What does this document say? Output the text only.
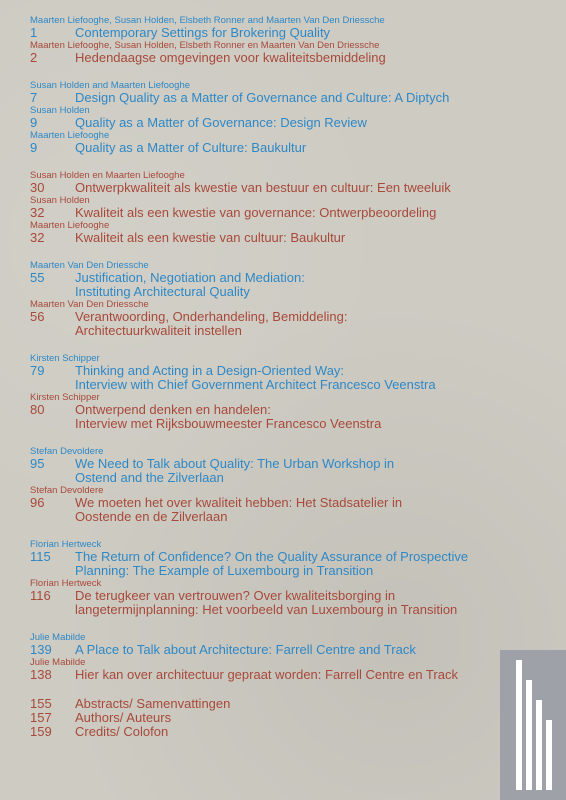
Maarten Liefooghe, Susan Holden, Elsbeth Ronner and Maarten Van Den Driessche
1	Contemporary Settings for Brokering Quality
Maarten Liefooghe, Susan Holden, Elsbeth Ronner en Maarten Van Den Driessche
2	Hedendaagse omgevingen voor kwaliteitsbemiddeling
Susan Holden and Maarten Liefooghe
7	Design Quality as a Matter of Governance and Culture: A Diptych
Susan Holden
9	Quality as a Matter of Governance: Design Review
Maarten Liefooghe
9	Quality as a Matter of Culture: Baukultur
Susan Holden en Maarten Liefooghe
30	Ontwerpkwaliteit als kwestie van bestuur en cultuur: Een tweeluik
Susan Holden
32	Kwaliteit als een kwestie van governance: Ontwerpbeoordeling
Maarten Liefooghe
32	Kwaliteit als een kwestie van cultuur: Baukultur
Maarten Van Den Driessche
55	Justification, Negotiation and Mediation:
Instituting Architectural Quality
Maarten Van Den Driessche
56	Verantwoording, Onderhandeling, Bemiddeling:
Architectuurkwaliteit instellen
Kirsten Schipper
79	Thinking and Acting in a Design-Oriented Way:
Interview with Chief Government Architect Francesco Veenstra
Kirsten Schipper
80	Ontwerpend denken en handelen:
Interview met Rijksbouwmeester Francesco Veenstra
Stefan Devoldere
95	We Need to Talk about Quality: The Urban Workshop in
Ostend and the Zilverlaan
Stefan Devoldere
96	We moeten het over kwaliteit hebben: Het Stadsatelier in
Oostende en de Zilverlaan
Florian Hertweck
115	The Return of Confidence? On the Quality Assurance of Prospective
Planning: The Example of Luxembourg in Transition
Florian Hertweck
116	De terugkeer van vertrouwen? Over kwaliteitsborging in
langetermijnplanning: Het voorbeeld van Luxembourg in Transition
Julie Mabilde
139	A Place to Talk about Architecture: Farrell Centre and Track
Julie Mabilde
138	Hier kan over architectuur gepraat worden: Farrell Centre en Track
155	Abstracts/ Samenvattingen
157	Authors/ Auteurs
159	Credits/ Colofon
